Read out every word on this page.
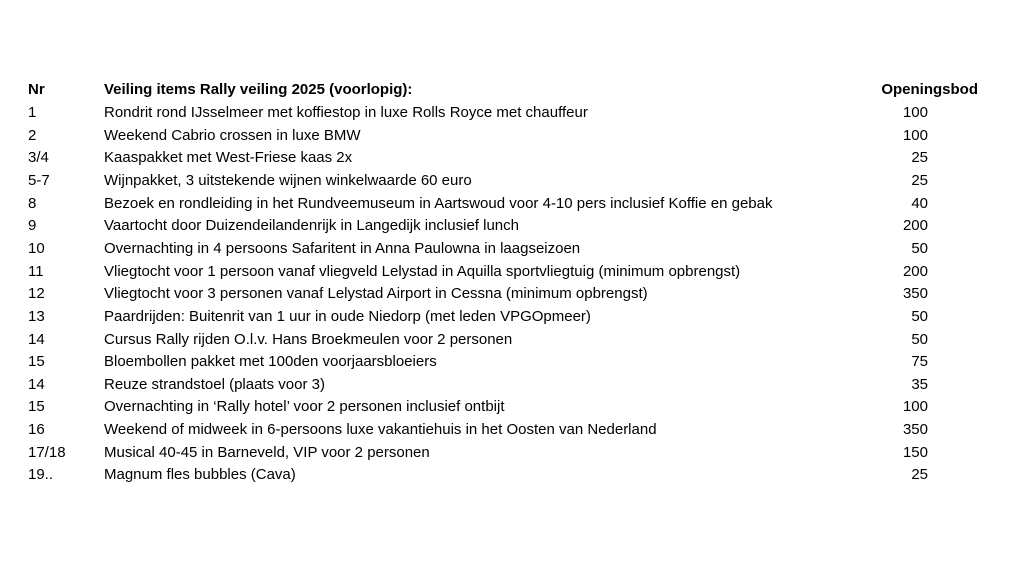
Nr	Veiling items Rally veiling 2025 (voorlopig):	Openingsbod
1	Rondrit rond IJsselmeer met koffiestop in luxe Rolls Royce met chauffeur	100
2	Weekend Cabrio crossen in luxe BMW	100
3/4	Kaaspakket met West-Friese kaas 2x	25
5-7	Wijnpakket, 3 uitstekende wijnen winkelwaarde 60 euro	25
8	Bezoek en rondleiding in het Rundveemuseum in Aartswoud voor 4-10 pers inclusief Koffie en gebak	40
9	Vaartocht door Duizendeilandenrijk in Langedijk inclusief lunch	200
10	Overnachting in 4 persoons Safaritent in Anna Paulowna in laagseizoen	50
11	Vliegtocht voor 1 persoon vanaf vliegveld Lelystad in Aquilla sportvliegtuig (minimum opbrengst)	200
12	Vliegtocht voor 3 personen vanaf Lelystad Airport in Cessna (minimum opbrengst)	350
13	Paardrijden: Buitenrit van 1 uur in oude Niedorp (met leden VPGOpmeer)	50
14	Cursus Rally rijden O.l.v. Hans Broekmeulen voor 2 personen	50
15	Bloembollen pakket met 100den voorjaarsbloeiers	75
14	Reuze strandstoel (plaats voor 3)	35
15	Overnachting in ‘Rally hotel’ voor 2 personen inclusief ontbijt	100
16	Weekend of midweek in 6-persoons luxe vakantiehuis in het Oosten van Nederland	350
17/18	Musical 40-45 in Barneveld, VIP voor 2 personen	150
19..	Magnum fles bubbles (Cava)	25
